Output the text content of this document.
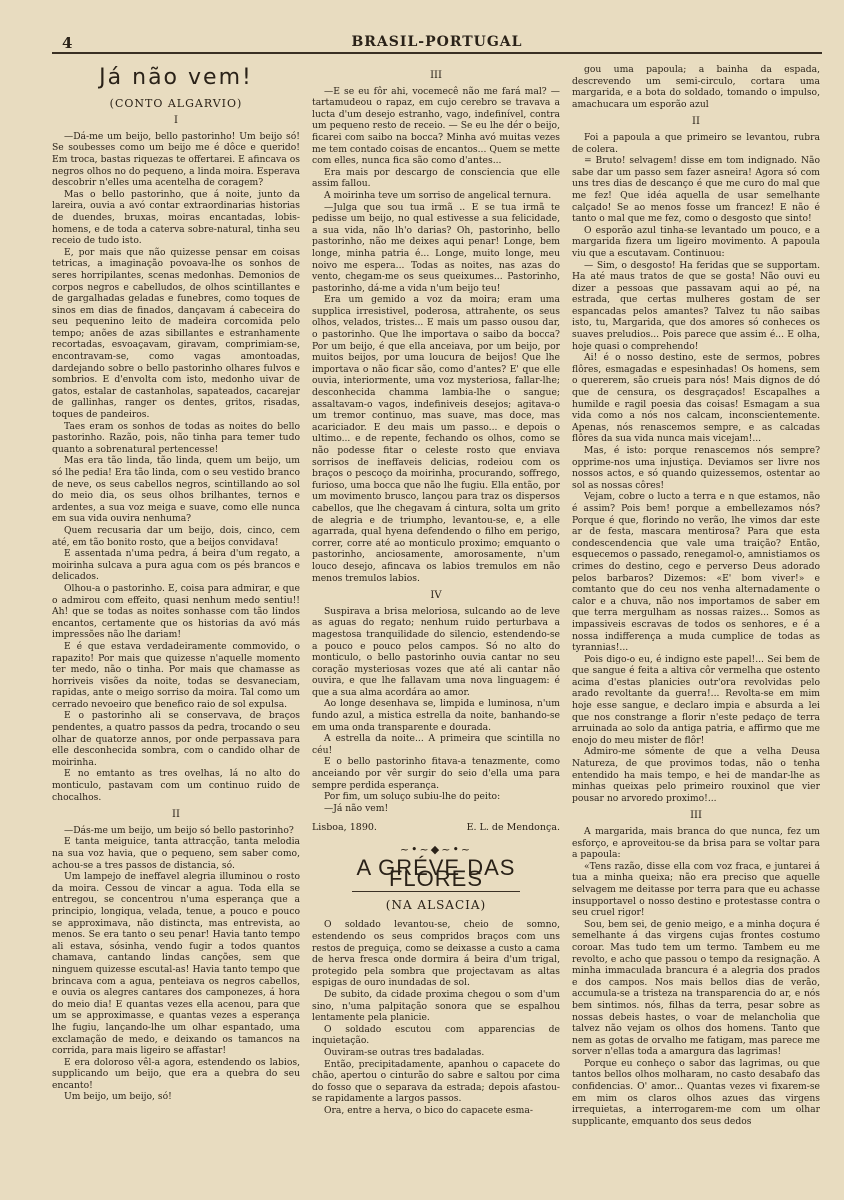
4	BRASIL-PORTUGAL
Já não vem!
(CONTO ALGARVIO)
I

—Dá-me um beijo, bello pastorinho! Um beijo só! Se soubesses como um beijo me é dôce e querido! Em troca, bastas riquezas te offertarei. E afincava os negros olhos no do pequeno, a linda moira. Esperava descobrir n'elles uma acentelha de coragem?

Mas o bello pastorinho, que á noite, junto da lareira, ouvia a avó contar extraordinarias historias de duendes, bruxas, moiras encantadas, lobis-homens, e de toda a caterva sobre-natural, tinha seu receio de tudo isto.

E, por mais que não quizesse pensar em coisas tetricas, a imaginação povoava-lhe os sonhos de seres horripilantes, scenas medonhas. Demonios de corpos negros e cabelludos, de olhos scintillantes e de gargalhadas geladas e funebres, como toques de sinos em dias de finados, dançavam á cabeceira do seu pequenino leito de madeira corcomida pelo tempo; anões de azas sibillantes e estranhamente recortadas, esvoaçavam, giravam, comprimiam-se, encontravam-se, como vagas amontoadas, dardejando sobre o bello pastorinho olhares fulvos e sombrios. E d'envolta com isto, medonho uivar de gatos, estalar de castanholas, sapateados, cacarejar de gallinhas, ranger os dentes, gritos, risadas, toques de pandeiros.

Taes eram os sonhos de todas as noites do bello pastorinho. Razão, pois, não tinha para temer tudo quanto a sobrenatural pertencesse!

Mas era tão linda, tão linda, quem um beijo, um só lhe pedia! Era tão linda, com o seu vestido branco de neve, os seus cabellos negros, scintillando ao sol do meio dia, os seus olhos brilhantes, ternos e ardentes, a sua voz meiga e suave, como elle nunca em sua vida ouvira nenhuma?

Quem recusaria dar um beijo, dois, cinco, cem até, em tão bonito rosto, que a beijos convidava!

E assentada n'uma pedra, á beira d'um regato, a moirinha sulcava a pura agua com os pés brancos e delicados.

Olhou-a o pastorinho. E, coisa para admirar, e que o admirou com effeito, quasi nenhum medo sentiu!! Ah! que se todas as noites sonhasse com tão lindos encantos, certamente que os historias da avó más impressões não lhe dariam!

E é que estava verdadeiramente commovido, o rapazito! Por mais que quizesse n'aquelle momento ter medo, não o tinha. Por mais que chamasse as horriveis visões da noite, todas se desvaneciam, rapidas, ante o meigo sorriso da moira. Tal como um cerrado nevoeiro que benefico raio de sol expulsa.

E o pastorinho ali se conservava, de braços pendentes, a quatro passos da pedra, trocando o seu olhar de quatorze annos, por onde perpassava para elle desconhecida sombra, com o candido olhar de moirinha.

E no emtanto as tres ovelhas, lá no alto do monticulo, pastavam com um continuo ruido de chocalhos.

II

—Dás-me um beijo, um beijo só bello pastorinho?

E tanta meiguice, tanta attracção, tanta melodia na sua voz havia, que o pequeno, sem saber como, achou-se a tres passos de distancia, só.

Um lampejo de ineffavel alegria illuminou o rosto da moira. Cessou de vincar a agua. Toda ella se entregou, se concentrou n'uma esperança que a principio, longiqua, velada, tenue, a pouco e pouco se approximava, não distincta, mas entrevista, ao menos. Se era tanto o seu penar! Havia tanto tempo ali estava, sósinha, vendo fugir a todos quantos chamava, cantando lindas canções, sem que ninguem quizesse escutal-as! Havia tanto tempo que brincava com a agua, penteiava os negros cabellos, e ouvia os alegres cantares dos camponezes, á hora do meio dia! E quantas vezes ella acenou, para que um se approximasse, e quantas vezes a esperança lhe fugiu, lançando-lhe um olhar espantado, uma exclamação de medo, e deixando os tamancos na corrida, para mais ligeiro se affastar!

E era doloroso vêl-a agora, estendendo os labios, supplicando um beijo, que era a quebra do seu encanto!

Um beijo, um beijo, só!

III

—E se eu fôr ahi, vocemecê não me fará mal? —tartamudeou o rapaz, em cujo cerebro se travava a lucta d'um desejo estranho, vago, indefinível, contra um pequeno resto de receio. — Se eu lhe dér o beijo, ficarei com saibo na bocca? Minha avó muitas vezes me tem contado coisas de encantos... Quem se mette com elles, nunca fica são como d'antes...

Era mais por descargo de consciencia que elle assim fallou.

A moirinha teve um sorriso de angelical ternura.

—Julga que sou tua irmã .. E se tua irmã te pedisse um beijo, no qual estivesse a sua felicidade, a sua vida, não lh'o darias? Oh, pastorinho, bello pastorinho, não me deixes aqui penar! Longe, bem longe, minha patria é... Longe, muito longe, meu noivo me espera... Todas as noites, nas azas do vento, chegam-me os seus queixumes... Pastorinho, pastorinho, dá-me a vida n'um beijo teu!

Era um gemido a voz da moira; eram uma supplica irresistivel, poderosa, attrahente, os seus olhos, velados, tristes... E mais um passo ousou dar, o pastorinho. Que lhe importava o saibo da bocca? Por um beijo, é que ella anceiava, por um beijo, por muitos beijos, por uma loucura de beijos! Que lhe importava o não ficar são, como d'antes? E' que elle ouvia, interiormente, uma voz mysteriosa, fallar-lhe; desconhecida chamma lambia-lhe o sangue; assaltavam-o vagos, indefiniveis desejos; agitava-o um tremor continuo, mas suave, mas doce, mas acariciador. E deu mais um passo... e depois o ultimo... e de repente, fechando os olhos, como se não podesse fitar o celeste rosto que enviava sorrisos de ineffaveis delicias, rodeiou com os braços o pescoço da moirinha, procurando, soffrego, furioso, uma bocca que não lhe fugiu. Ella então, por um movimento brusco, lançou para traz os dispersos cabellos, que lhe chegavam á cintura, solta um grito de alegria e de triumpho, levantou-se, e, a elle agarrada, qual hyena defendendo o filho em perigo, correr, corre até ao monticulo proximo; emquanto o pastorinho, anciosamente, amorosamente, n'um louco desejo, afincava os labios tremulos em não menos tremulos labios.

IV

Suspirava a brisa meloriosa, sulcando ao de leve as aguas do regato; nenhum ruido perturbava a magestosa tranquilidade do silencio, estendendo-se a pouco e pouco pelos campos. Só no alto do monticulo, o bello pastorinho ouvia cantar no seu coração mysteriosas vozes que até ali cantar não ouvira, e que lhe fallavam uma nova linguagem: é que a sua alma acordára ao amor.

Ao longe desenhava se, limpida e luminosa, n'um fundo azul, a mistica estrella da noite, banhando-se em uma onda transparente e dourada.

A estrella da noite... A primeira que scintilla no céu!

E o bello pastorinho fitava-a tenazmente, como anceiando por vêr surgir do seio d'ella uma para sempre perdida esperança.

Por fim, um soluço subiu-lhe do peito:

—Já não vem!

Lisboa, 1890.	E. L. de Mendonça.
~•~◆~•~
A GRÉVE DAS FLORES
(NA ALSACIA)

O soldado levantou-se, cheio de somno, estendendo os seus compridos braços com uns restos de preguiça, como se deixasse a custo a cama de herva fresca onde dormira á beira d'um trigal, protegido pela sombra que projectavam as altas espigas de ouro inundadas de sol.

De subito, da cidade proxima chegou o som d'um sino, n'uma palpitação sonora que se espalhou lentamente pela planicie.

O soldado escutou com apparencias de inquietação.

Ouviram-se outras tres badaladas.

Então, precipitadamente, apanhou o capacete do chão, apertou o cinturão do sabre e saltou por cima do fosso que o separava da estrada; depois afastou-se rapidamente a largos passos.

Ora, entre a herva, o bico do capacete esma-

gou uma papoula; a bainha da espada, descrevendo um semi-circulo, cortara uma margarida, e a bota do soldado, tomando o impulso, amachucara um esporão azul

II

Foi a papoula a que primeiro se levantou, rubra de colera.

= Bruto! selvagem! disse em tom indignado. Não sabe dar um passo sem fazer asneira! Agora só com uns tres dias de descanço é que me curo do mal que me fez! Que idéa aquella de usar semelhante calçado! Se ao menos fosse um francez! E não é tanto o mal que me fez, como o desgosto que sinto!

O esporão azul tinha-se levantado um pouco, e a margarida fizera um ligeiro movimento. A papoula viu que a escutavam. Continuou:

— Sim, o desgosto! Ha feridas que se supportam. Ha até maus tratos de que se gosta! Não ouvi eu dizer a pessoas que passavam aqui ao pé, na estrada, que certas mulheres gostam de ser espancadas pelos amantes? Talvez tu não saibas isto, tu, Margarida, que dos amores só conheces os suaves preludios... Pois parece que assim é... E olha, hoje quasi o comprehendo!

Ai! é o nosso destino, este de sermos, pobres flôres, esmagadas e espesinhadas! Os homens, sem o quererem, são crueis para nós! Mais dignos de dó que de censura, os desgraçados! Escapalhes a humilde e ragil poesia das coisas! Esmagam a sua vida como a nós nos calcam, inconscientemente. Apenas, nós renascemos sempre, e as calcadas flôres da sua vida nunca mais vicejam!...

Mas, é isto: porque renascemos nós sempre? opprime-nos uma injustiça. Deviamos ser livre nos nossos actos, e só quando quizessemos, ostentar ao sol as nossas côres!

Vejam, cobre o lucto a terra e n que estamos, não é assim? Pois bem! porque a embellezamos nós? Porque é que, florindo no verão, lhe vimos dar este ar de festa, mascara mentirosa? Para que esta condescendencia que vale uma traição? Então, esquecemos o passado, renegamol-o, amnistiamos os crimes do destino, cego e perverso Deus adorado pelos barbaros? Dizemos: «E' bom viver!» e comtanto que do ceu nos venha alternadamente o calor e a chuva, não nos importamos de saber em que terra mergulham as nossas raizes... Somos as impassiveis escravas de todos os senhores, e é a nossa indifferença a muda cumplice de todas as tyrannias!...

Pois digo-o eu, é indigno este papel!... Sei bem de que sangue é feita a altiva côr vermelha que ostento acima d'estas planicies outr'ora revolvidas pelo arado revoltante da guerra!... Revolta-se em mim hoje esse sangue, e declaro impia e absurda a lei que nos constrange a florir n'este pedaço de terra arruinada ao solo da antiga patria, e affirmo que me enojo do meu mister de flôr!

Admiro-me sómente de que a velha Deusa Natureza, de que provimos todas, não o tenha entendido ha mais tempo, e hei de mandar-lhe as minhas queixas pelo primeiro rouxinol que vier pousar no arvoredo proximo!...

III

A margarida, mais branca do que nunca, fez um esforço, e aproveitou-se da brisa para se voltar para a papoula:

«Tens razão, disse ella com voz fraca, e juntarei á tua a minha queixa; não era preciso que aquelle selvagem me deitasse por terra para que eu achasse insupportavel o nosso destino e protestasse contra o seu cruel rigor!

Sou, bem sei, de genio meigo, e a minha doçura é semelhante á das virgens cujas frontes costumo coroar. Mas tudo tem um termo. Tambem eu me revolto, e acho que passou o tempo da resignação. A minha immaculada brancura é a alegria dos prados e dos campos. Nos mais bellos dias de verão, accumula-se a tristeza na transparencia do ar, e nós bem sintimos. nós, filhas da terra, pesar sobre as nossas debeis hastes, o voar de melancholia que talvez não vejam os olhos dos homens. Tanto que nem as gotas de orvalho me fatigam, mas parece me sorver n'ellas toda a amargura das lagrimas!

Porque eu conheço o sabor das lagrimas, ou que tantos bellos olhos molharam, no casto desabafo das confidencias. O' amor... Quantas vezes vi fixarem-se em mim os claros olhos azues das virgens irrequietas, a interrogarem-me com um olhar supplicante, emquanto dos seus dedos
